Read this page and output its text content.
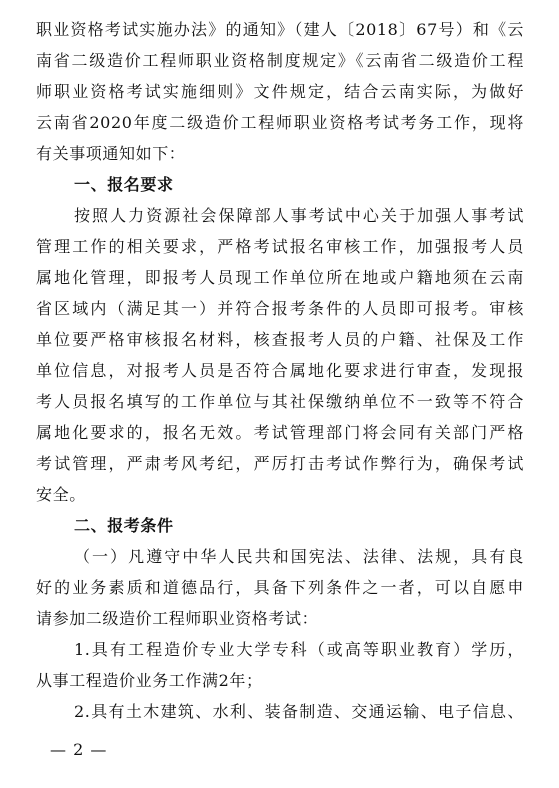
职业资格考试实施办法》的通知》（建人〔2018〕67号）和《云
南省二级造价工程师职业资格制度规定》《云南省二级造价工程
师职业资格考试实施细则》文件规定，结合云南实际，为做好
云南省2020年度二级造价工程师职业资格考试考务工作，现将
有关事项通知如下：
一、报名要求
按照人力资源社会保障部人事考试中心关于加强人事考试
管理工作的相关要求，严格考试报名审核工作，加强报考人员
属地化管理，即报考人员现工作单位所在地或户籍地须在云南
省区域内（满足其一）并符合报考条件的人员即可报考。审核
单位要严格审核报名材料，核查报考人员的户籍、社保及工作
单位信息，对报考人员是否符合属地化要求进行审查，发现报
考人员报名填写的工作单位与其社保缴纳单位不一致等不符合
属地化要求的，报名无效。考试管理部门将会同有关部门严格
考试管理，严肃考风考纪，严厉打击考试作弊行为，确保考试
安全。
二、报考条件
（一）凡遵守中华人民共和国宪法、法律、法规，具有良
好的业务素质和道德品行，具备下列条件之一者，可以自愿申
请参加二级造价工程师职业资格考试：
1.具有工程造价专业大学专科（或高等职业教育）学历，
从事工程造价业务工作满2年；
2.具有土木建筑、水利、装备制造、交通运输、电子信息、
— 2 —
